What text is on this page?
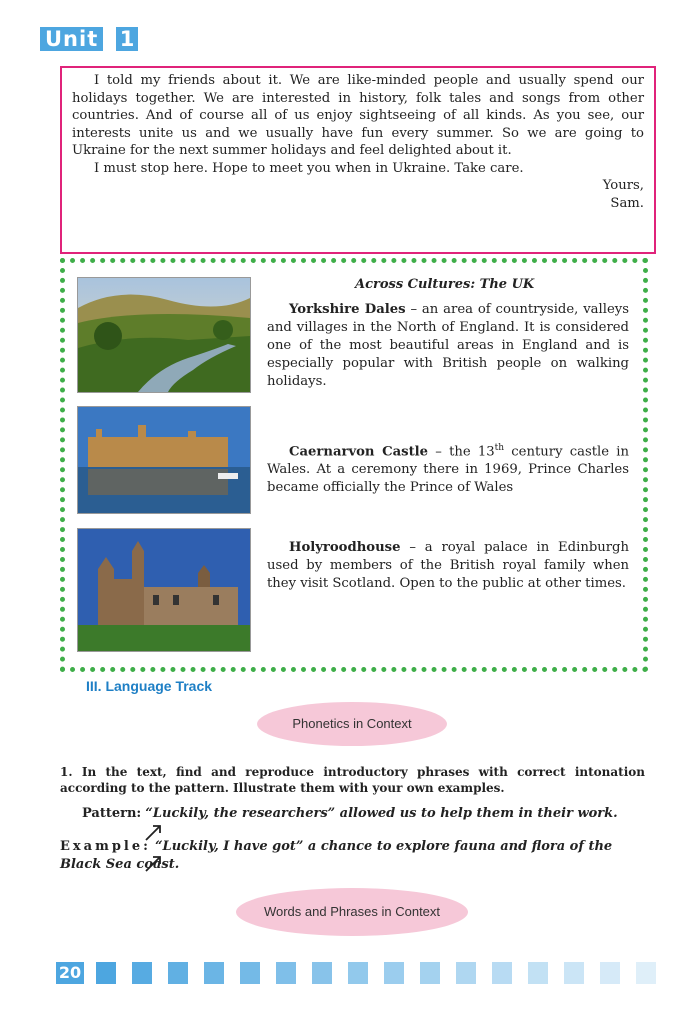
Unit 1

I told my friends about it. We are like-minded people and usually spend our holidays together. We are interested in history, folk tales and songs from other countries. And of course all of us enjoy sightseeing of all kinds. As you see, our interests unite us and we usually have fun every summer. So we are going to Ukraine for the next summer holidays and feel delighted about it.

I must stop here. Hope to meet you when in Ukraine. Take care.

Yours,

Sam.

Across Cultures: The UK

Yorkshire Dales – an area of countryside, valleys and villages in the North of England. It is considered one of the most beautiful areas in England and is especially popular with British people on walking holidays.

Caernarvon Castle – the 13th century castle in Wales. At a ceremony there in 1969, Prince Charles became officially the Prince of Wales

Holyroodhouse – a royal palace in Edinburgh used by members of the British royal family when they visit Scotland. Open to the public at other times.

III. Language Track
Phonetics in Context
1. In the text, find and reproduce introductory phrases with correct intonation according to the pattern. Illustrate them with your own examples.
Pattern: “Luckily, the researchers” allowed us to help them in their work.
Example: “Luckily, I have got” a chance to explore fauna and flora of the Black Sea coast.
Words and Phrases in Context
20
